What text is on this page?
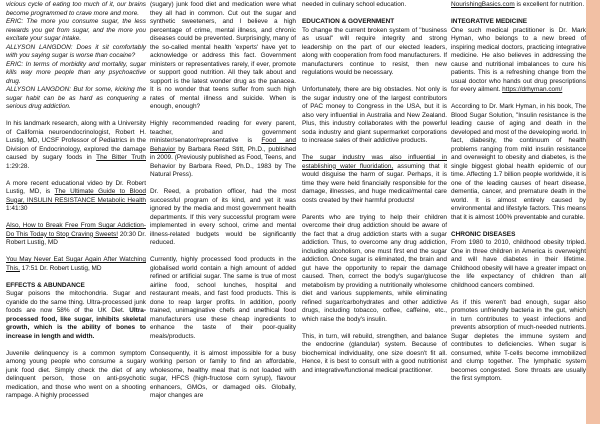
vicious cycle of eating too much of it, our brains become programmed to crave more and more.

ERIC: The more you consume sugar, the less rewards you get from sugar, and the more you excitate your sugar intake.

ALLYSON LANGDON: Does it sit comfortably with you saying sugar is worse than cocaine?

ERIC: In terms of morbidity and mortality, sugar kills way more people than any psychoactive drug.

ALLYSON LANGDON: But for some, kicking the sugar habit can be as hard as conquering a serious drug addiction.

In his landmark research, along with a University of California neuroendocrinologist, Robert H. Lustig, MD, UCSF Professor of Pediatrics in the Division of Endocrinology, explored the damage caused by sugary foods in The Bitter Truth 1:29:28.

A more recent educational video by Dr. Robert Lustig, MD, is The Ultimate Guide to Blood Sugar, INSULIN RESISTANCE Metabolic Health 1:41:30

Also, How to Break Free From Sugar Addiction-Do This Today to Stop Craving Sweets! 20:30 Dr. Robert Lustig, MD

You May Never Eat Sugar Again After Watching This, 17:51 Dr. Robert Lustig, MD

EFFECTS & ABUNDANCE

Sugar poisons the mitochondria. Sugar and cyanide do the same thing. Ultra-processed junk foods are now 58% of the UK Diet. Ultra-processed food, like sugar, inhibits skeletal growth, which is the ability of bones to increase in length and width.

Juvenile delinquency is a common symptom among young people who consume a sugary junk food diet. Simply check the diet of any delinquent person, those on anti-psychotic medication, and those who went on a shooting rampage. A highly processed

(sugary) junk food diet and medication were what they all had in common. Cut out the sugar and synthetic sweeteners, and I believe a high percentage of crime, mental illness, and chronic diseases could be prevented. Surprisingly, many of the so-called mental health 'experts' have yet to acknowledge or address this fact. Government ministers or representatives rarely, if ever, promote or support good nutrition. All they talk about and support is the latest wonder drug as the panacea. It is no wonder that teens suffer from such high rates of mental illness and suicide. When is enough, enough?

Highly recommended reading for every parent, teacher, and government minister/senator/representative is Food and Behavior by Barbara Reed Stitt, Ph.D., published in 2009. (Previously published as Food, Teens, and Behavior by Barbara Reed, Ph.D., 1983 by The Natural Press).

Dr. Reed, a probation officer, had the most successful program of its kind, and yet it was ignored by the media and most government health departments. If this very successful program were implemented in every school, crime and mental illness-related budgets would be significantly reduced.

Currently, highly processed food products in the globalised world contain a high amount of added refined or artificial sugar. The same is true of most airline food, school lunches, hospital and restaurant meals, and fast food products. This is done to reap larger profits. In addition, poorly trained, unimaginative chefs and unethical food manufacturers use these cheap ingredients to enhance the taste of their poor-quality meals/products.

Consequently, it is almost impossible for a busy working person or family to find an affordable, wholesome, healthy meal that is not loaded with sugar, HFCS (high-fructose corn syrup), flavour enhancers, GMOs, or damaged oils. Globally, major changes are

needed in culinary school education.

EDUCATION & GOVERNMENT

To change the current broken system of "business as usual" will require integrity and strong leadership on the part of our elected leaders, along with cooperation from food manufacturers. If manufacturers continue to resist, then new regulations would be necessary.

Unfortunately, there are big obstacles. Not only is the sugar industry one of the largest contributors of PAC money to Congress in the USA, but it is also very influential in Australia and New Zealand. Plus, this industry collaborates with the powerful soda industry and giant supermarket corporations to increase sales of their addictive products.

The sugar industry was also influential in establishing water fluoridation, assuming that it would disguise the harm of sugar. Perhaps, it is time they were held financially responsible for the damage, illnesses, and huge medical/mental care costs created by their harmful products!

Parents who are trying to help their children overcome their drug addiction should be aware of the fact that a drug addiction starts with a sugar addiction. Thus, to overcome any drug addiction, including alcoholism, one must first end the sugar addiction. Once sugar is eliminated, the brain and gut have the opportunity to repair the damage caused. Then, correct the body's sugar/glucose metabolism by providing a nutritionally wholesome diet and various supplements, while eliminating refined sugar/carbohydrates and other addictive drugs, including tobacco, coffee, caffeine, etc., which raise the body's insulin.

This, in turn, will rebuild, strengthen, and balance the endocrine (glandular) system. Because of biochemical individuality, one size doesn't fit all. Hence, it is best to consult with a good nutritionist and integrative/functional medical practitioner.

NourishingBasics.com is excellent for nutrition.

INTEGRATIVE MEDICINE

One such medical practitioner is Dr. Mark Hyman, who belongs to a new breed of inspiring medical doctors, practicing integrative medicine. He also believes in addressing the cause and nutritional imbalances to cure his patients. This is a refreshing change from the usual doctor who hands out drug prescriptions for every ailment. https://drhyman.com/

According to Dr. Mark Hyman, in his book, The Blood Sugar Solution, "Insulin resistance is the leading cause of aging and death in the developed and most of the developing world. In fact, diabesity, the continuum of health problems ranging from mild insulin resistance and overweight to obesity and diabetes, is the single biggest global health epidemic of our time. Affecting 1.7 billion people worldwide, it is one of the leading causes of heart disease, dementia, cancer, and premature death in the world. It is almost entirely caused by environmental and lifestyle factors. This means that it is almost 100% preventable and curable.

CHRONIC DISEASES

From 1980 to 2010, childhood obesity tripled. One in three children in America is overweight and will have diabetes in their lifetime. Childhood obesity will have a greater impact on the life expectancy of children than all childhood cancers combined.

As if this weren't bad enough, sugar also promotes unfriendly bacteria in the gut, which in turn contributes to yeast infections and prevents absorption of much-needed nutrients. Sugar depletes the immune system and contributes to deficiencies. When sugar is consumed, white T-cells become immobilized and clump together. The lymphatic system becomes congested. Sore throats are usually the first symptom.
